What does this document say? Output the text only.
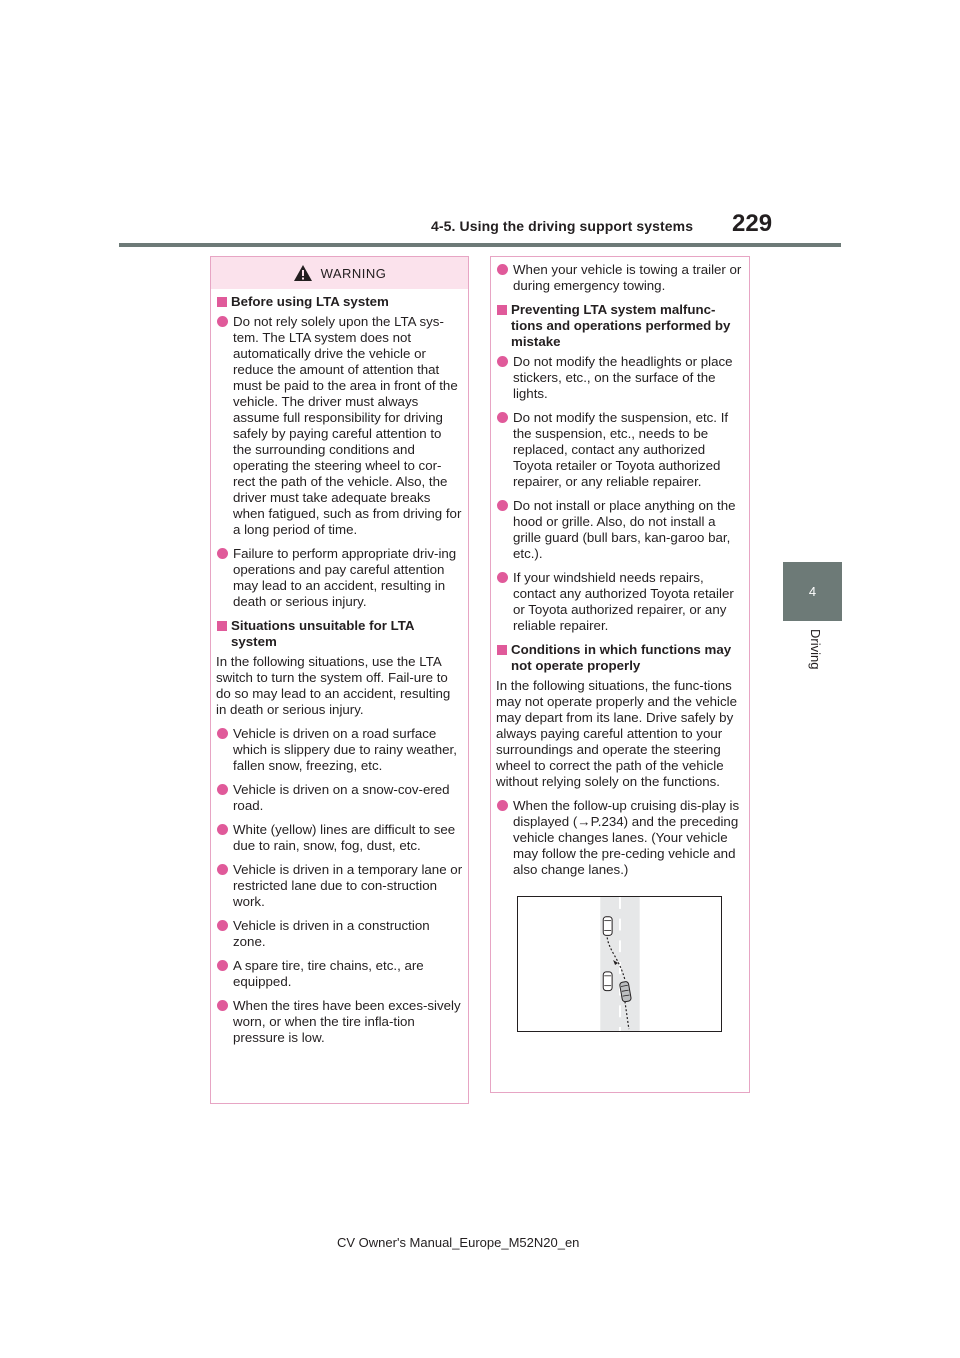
4-5. Using the driving support systems 229
4
Driving
WARNING
Before using LTA system
Do not rely solely upon the LTA sys-tem. The LTA system does not automatically drive the vehicle or reduce the amount of attention that must be paid to the area in front of the vehicle. The driver must always assume full responsibility for driving safely by paying careful attention to the surrounding conditions and operating the steering wheel to cor-rect the path of the vehicle. Also, the driver must take adequate breaks when fatigued, such as from driving for a long period of time.
Failure to perform appropriate driv-ing operations and pay careful attention may lead to an accident, resulting in death or serious injury.
Situations unsuitable for LTA system
In the following situations, use the LTA switch to turn the system off. Fail-ure to do so may lead to an accident, resulting in death or serious injury.
Vehicle is driven on a road surface which is slippery due to rainy weather, fallen snow, freezing, etc.
Vehicle is driven on a snow-cov-ered road.
White (yellow) lines are difficult to see due to rain, snow, fog, dust, etc.
Vehicle is driven in a temporary lane or restricted lane due to con-struction work.
Vehicle is driven in a construction zone.
A spare tire, tire chains, etc., are equipped.
When the tires have been exces-sively worn, or when the tire infla-tion pressure is low.
When your vehicle is towing a trailer or during emergency towing.
Preventing LTA system malfunc-tions and operations performed by mistake
Do not modify the headlights or place stickers, etc., on the surface of the lights.
Do not modify the suspension, etc. If the suspension, etc., needs to be replaced, contact any authorized Toyota retailer or Toyota authorized repairer, or any reliable repairer.
Do not install or place anything on the hood or grille. Also, do not install a grille guard (bull bars, kan-garoo bar, etc.).
If your windshield needs repairs, contact any authorized Toyota retailer or Toyota authorized repairer, or any reliable repairer.
Conditions in which functions may not operate properly
In the following situations, the func-tions may not operate properly and the vehicle may depart from its lane. Drive safely by always paying careful attention to your surroundings and operate the steering wheel to correct the path of the vehicle without relying solely on the functions.
When the follow-up cruising dis-play is displayed (→P.234) and the preceding vehicle changes lanes. (Your vehicle may follow the pre-ceding vehicle and also change lanes.)
CV Owner's Manual_Europe_M52N20_en
